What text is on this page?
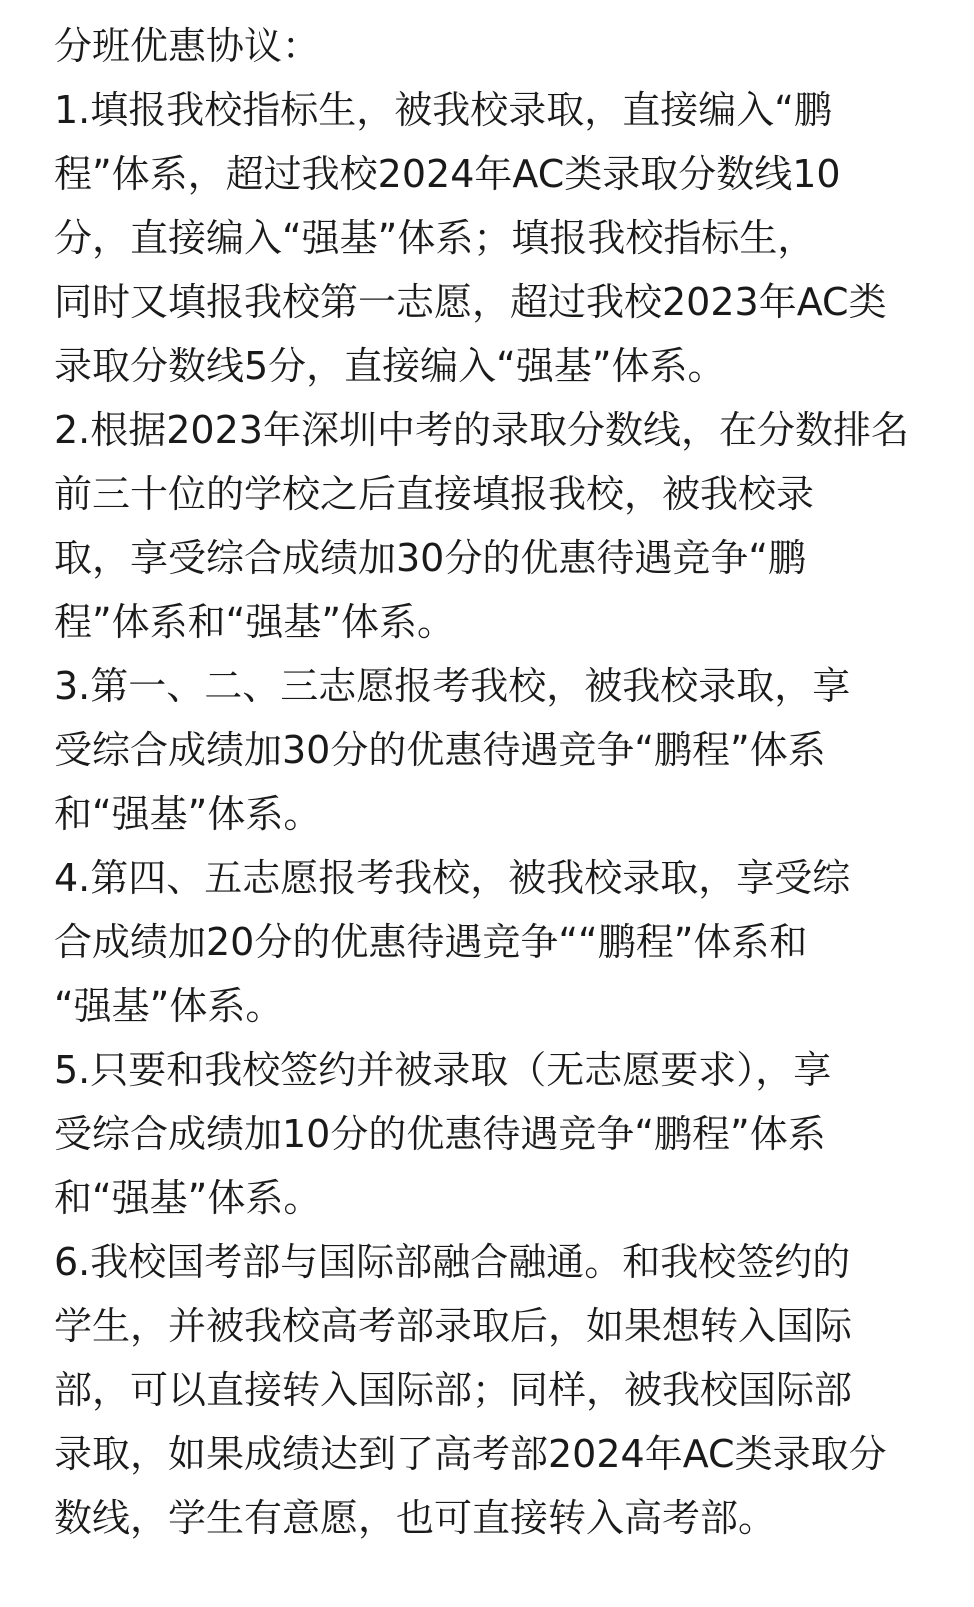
分班优惠协议：
1.填报我校指标生，被我校录取，直接编入“鹏
程”体系，超过我校2024年AC类录取分数线10
分，直接编入“强基”体系；填报我校指标生，
同时又填报我校第一志愿，超过我校2023年AC类
录取分数线5分，直接编入“强基”体系。
2.根据2023年深圳中考的录取分数线，在分数排名
前三十位的学校之后直接填报我校，被我校录
取，享受综合成绩加30分的优惠待遇竞争“鹏
程”体系和“强基”体系。
3.第一、二、三志愿报考我校，被我校录取，享
受综合成绩加30分的优惠待遇竞争“鹏程”体系
和“强基”体系。
4.第四、五志愿报考我校，被我校录取，享受综
合成绩加20分的优惠待遇竞争““鹏程”体系和
“强基”体系。
5.只要和我校签约并被录取（无志愿要求），享
受综合成绩加10分的优惠待遇竞争“鹏程”体系
和“强基”体系。
6.我校国考部与国际部融合融通。和我校签约的
学生，并被我校高考部录取后，如果想转入国际
部，可以直接转入国际部；同样，被我校国际部
录取，如果成绩达到了高考部2024年AC类录取分
数线，学生有意愿，也可直接转入高考部。
